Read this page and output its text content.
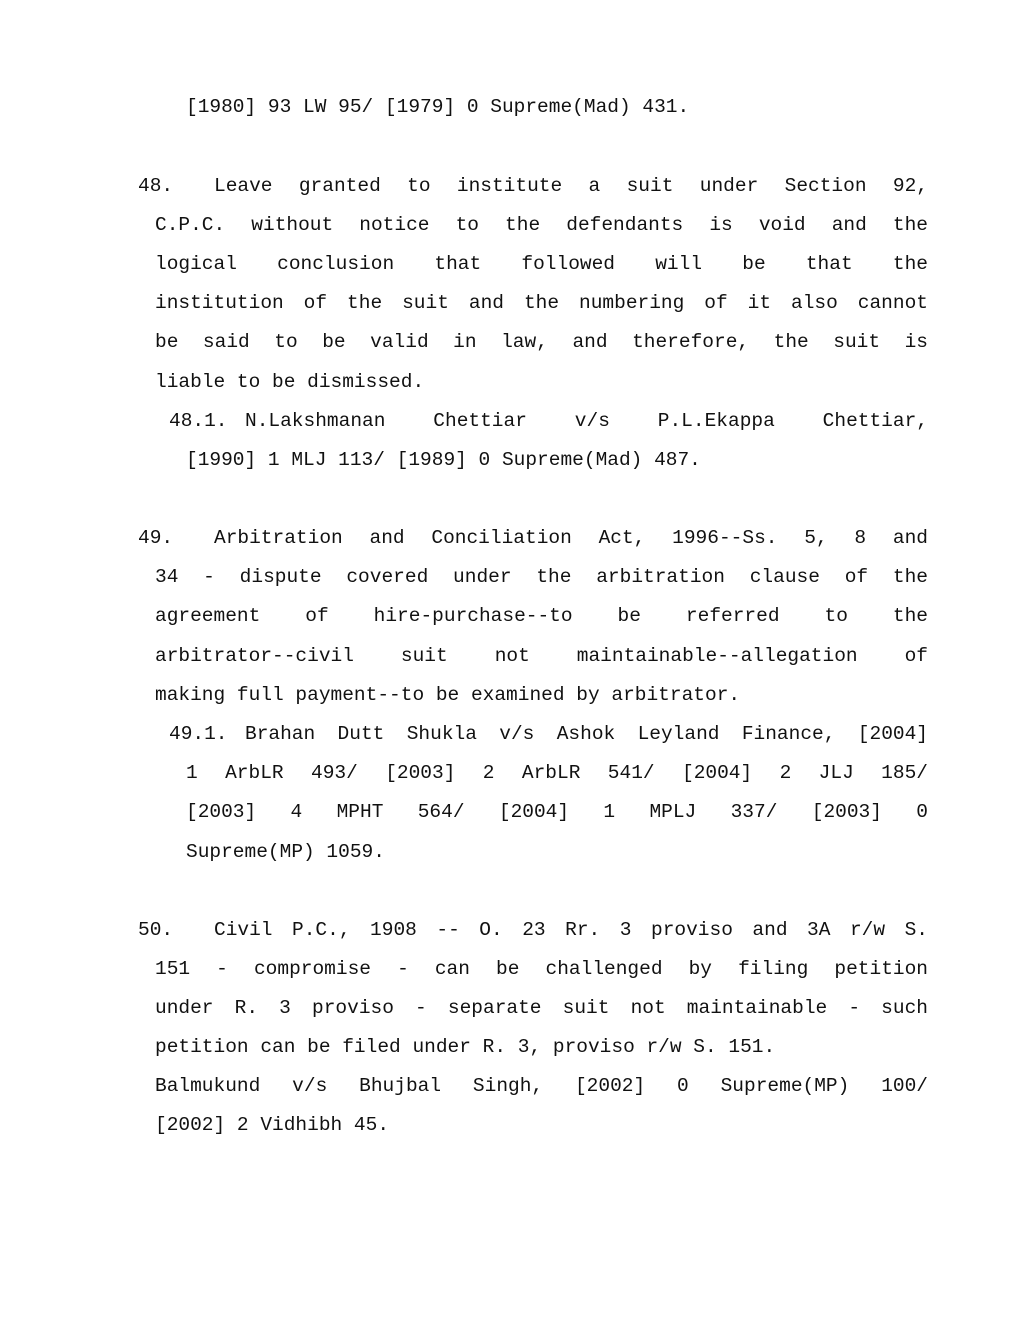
[1980] 93 LW 95/ [1979] 0 Supreme(Mad) 431.
48. Leave granted to institute a suit under Section 92,
C.P.C. without notice to the defendants is void and the
logical conclusion that followed will be that the
institution of the suit and the numbering of it also cannot
be said to be valid in law, and therefore, the suit is
liable to be dismissed.
48.1. N.Lakshmanan Chettiar v/s P.L.Ekappa Chettiar,
[1990] 1 MLJ 113/ [1989] 0 Supreme(Mad) 487.
49. Arbitration and Conciliation Act, 1996--Ss. 5, 8 and
34 - dispute covered under the arbitration clause of the
agreement of hire-purchase--to be referred to the
arbitrator--civil suit not maintainable--allegation of
making full payment--to be examined by arbitrator.
49.1. Brahan Dutt Shukla v/s Ashok Leyland Finance, [2004]
1 ArbLR 493/ [2003] 2 ArbLR 541/ [2004] 2 JLJ 185/
[2003] 4 MPHT 564/ [2004] 1 MPLJ 337/ [2003] 0
Supreme(MP) 1059.
50. Civil P.C., 1908 -- O. 23 Rr. 3 proviso and 3A r/w S.
151 - compromise - can be challenged by filing petition
under R. 3 proviso - separate suit not maintainable - such
petition can be filed under R. 3, proviso r/w S. 151.
Balmukund v/s Bhujbal Singh, [2002] 0 Supreme(MP) 100/
[2002] 2 Vidhibh 45.
